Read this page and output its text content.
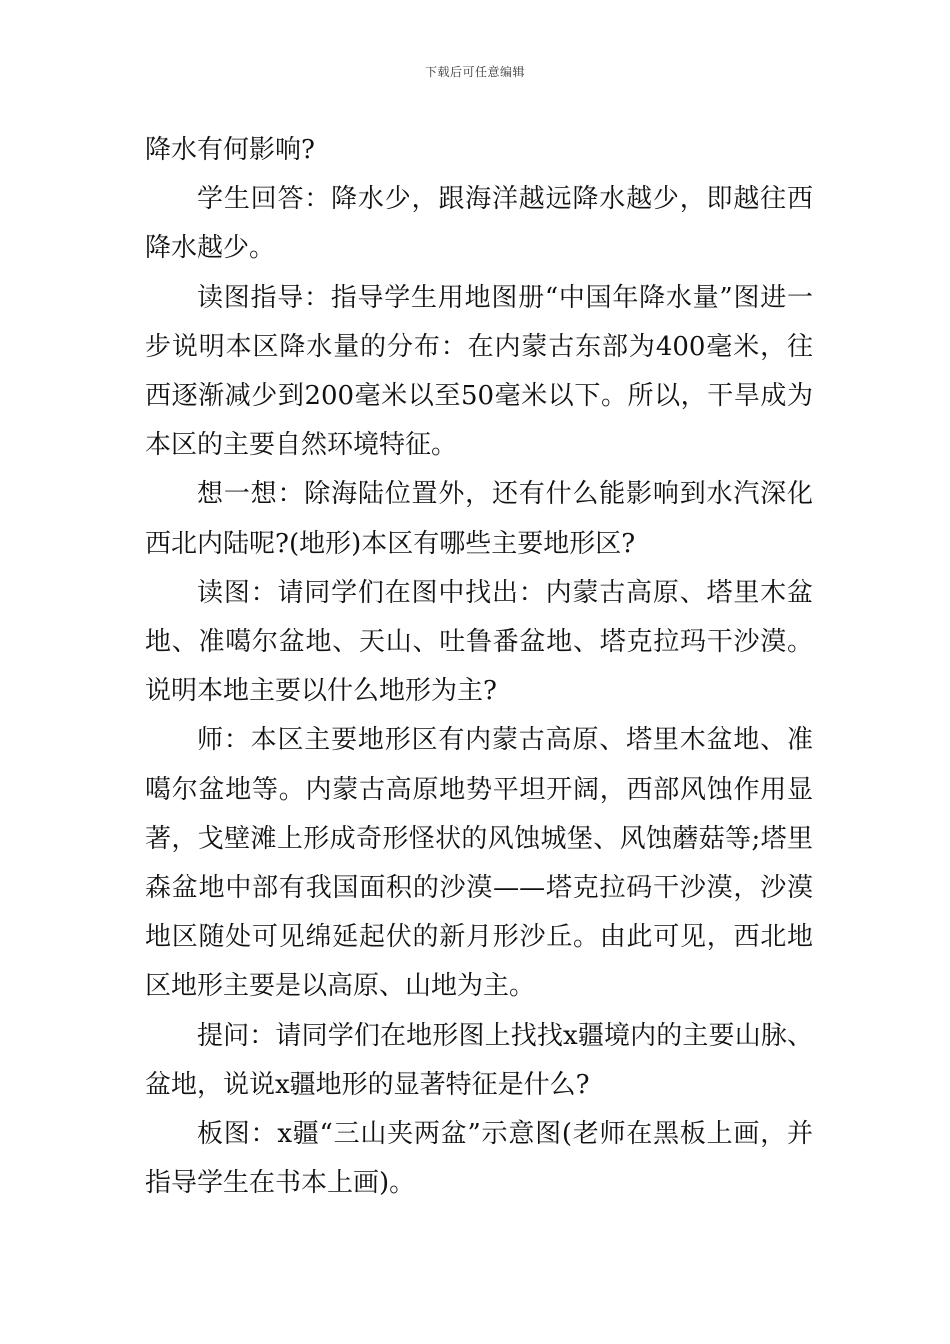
下载后可任意编辑

降水有何影响?

学生回答：降水少，跟海洋越远降水越少，即越往西降水越少。

读图指导：指导学生用地图册“中国年降水量”图进一步说明本区降水量的分布：在内蒙古东部为400毫米，往西逐渐减少到200毫米以至50毫米以下。所以，干旱成为本区的主要自然环境特征。

想一想：除海陆位置外，还有什么能影响到水汽深化西北内陆呢?(地形)本区有哪些主要地形区?

读图：请同学们在图中找出：内蒙古高原、塔里木盆地、准噶尔盆地、天山、吐鲁番盆地、塔克拉玛干沙漠。说明本地主要以什么地形为主?

师：本区主要地形区有内蒙古高原、塔里木盆地、准噶尔盆地等。内蒙古高原地势平坦开阔，西部风蚀作用显著，戈壁滩上形成奇形怪状的风蚀城堡、风蚀蘑菇等;塔里森盆地中部有我国面积的沙漠——塔克拉码干沙漠，沙漠地区随处可见绵延起伏的新月形沙丘。由此可见，西北地区地形主要是以高原、山地为主。

提问：请同学们在地形图上找找x疆境内的主要山脉、盆地，说说x疆地形的显著特征是什么?

板图：x疆“三山夹两盆”示意图(老师在黑板上画，并指导学生在书本上画)。
